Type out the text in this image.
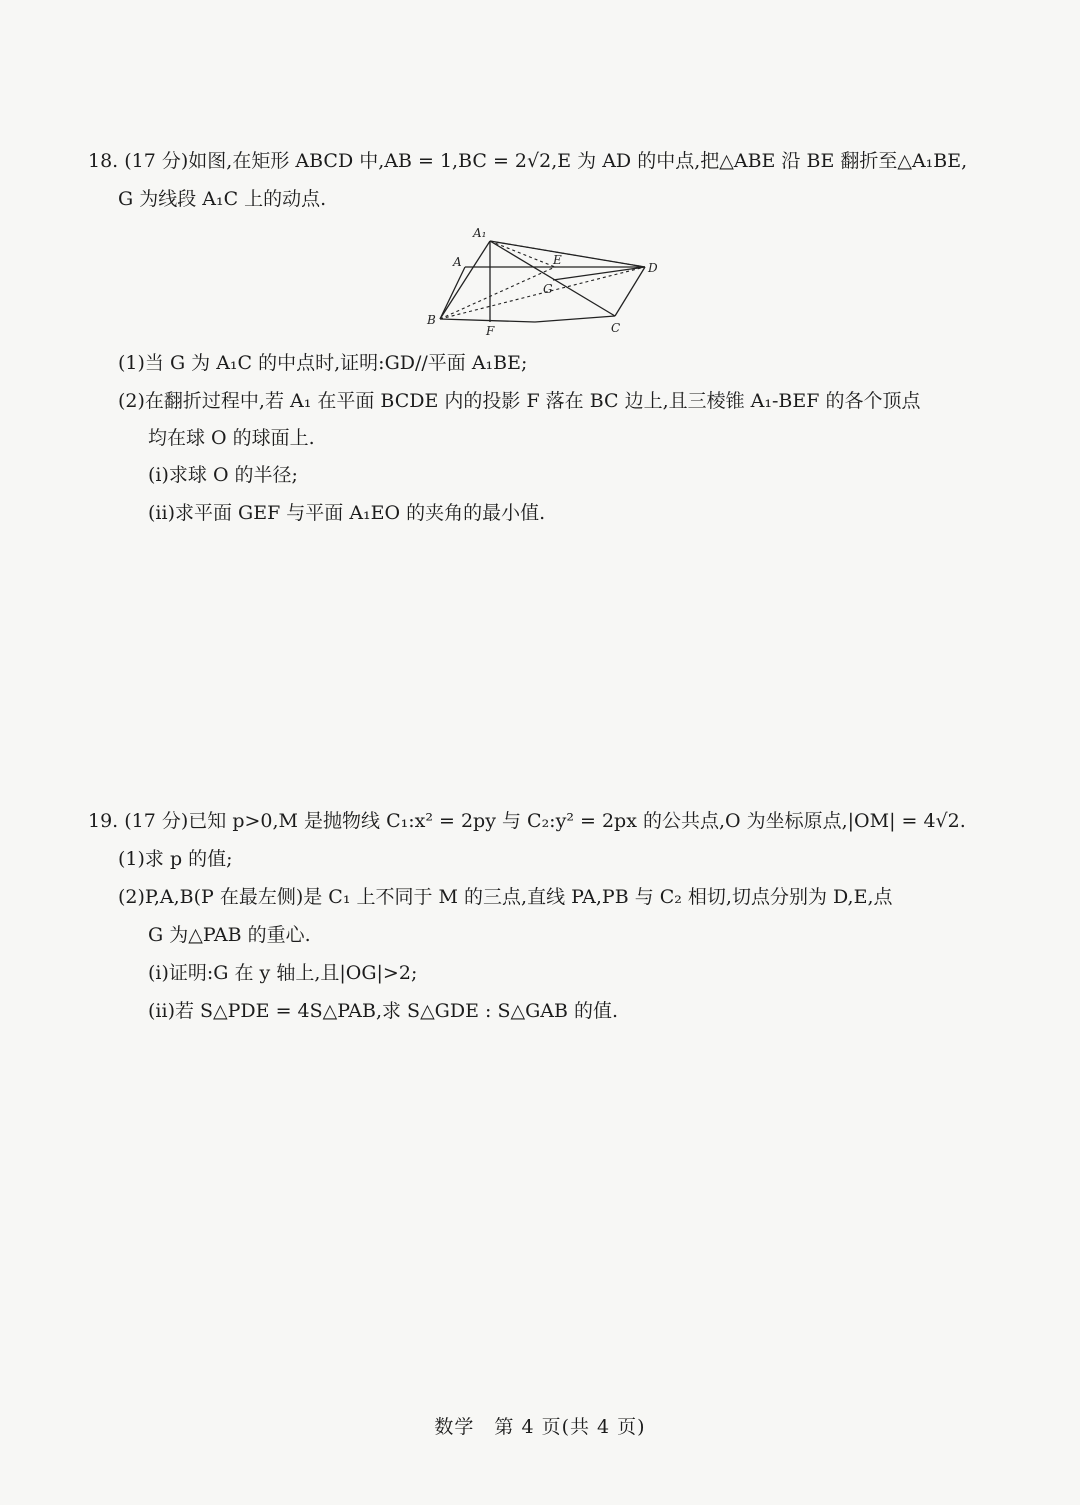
18. (17 分)如图,在矩形 ABCD 中,AB = 1,BC = 2√2,E 为 AD 的中点,把△ABE 沿 BE 翻折至△A₁BE,
G 为线段 A₁C 上的动点.
(1)当 G 为 A₁C 的中点时,证明:GD//平面 A₁BE;
(2)在翻折过程中,若 A₁ 在平面 BCDE 内的投影 F 落在 BC 边上,且三棱锥 A₁-BEF 的各个顶点
均在球 O 的球面上.
(i)求球 O 的半径;
(ii)求平面 GEF 与平面 A₁EO 的夹角的最小值.
A₁
A	E
D
G
B
F	C
19. (17 分)已知 p>0,M 是抛物线 C₁:x² = 2py 与 C₂:y² = 2px 的公共点,O 为坐标原点,|OM| = 4√2.
(1)求 p 的值;
(2)P,A,B(P 在最左侧)是 C₁ 上不同于 M 的三点,直线 PA,PB 与 C₂ 相切,切点分别为 D,E,点
G 为△PAB 的重心.
(i)证明:G 在 y 轴上,且|OG|>2;
(ii)若 S△PDE = 4S△PAB,求 S△GDE : S△GAB 的值.
数学　第 4 页(共 4 页)
